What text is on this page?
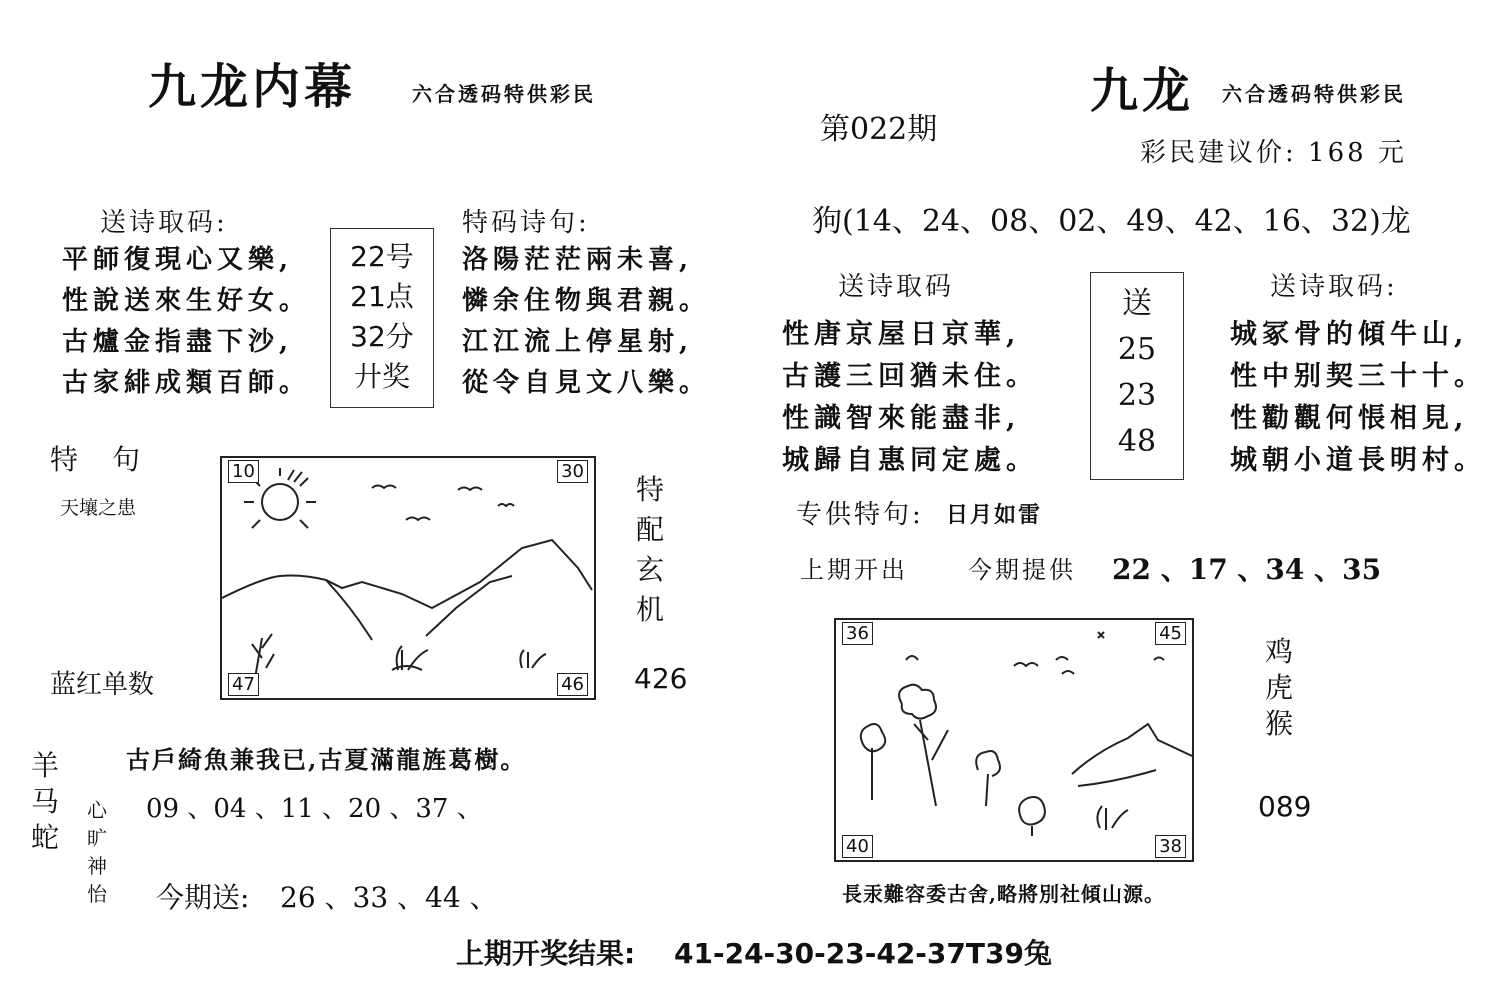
九龙内幕	六合透码特供彩民
送诗取码:
平師復現心又樂,
性說送來生好女。
古爐金指盡下沙,
古家緋成類百師。
22号
21点
32分
廾奖
特码诗句:
洛陽茫茫兩未喜,
憐余住物與君親。
江江流上停星射,
從令自見文八樂。
特　句
天壤之患
蓝红单数
10	30
47	46
特配玄机
426
羊马蛇
心旷神怡
古戶綺魚兼我已,古夏滿龍旌葛樹。
09 、04 、11 、20 、37 、
今期送: 26 、33 、44 、
第022期
九龙 六合透码特供彩民
彩民建议价: 168 元
狗(14、24、08、02、49、42、16、32)龙
送诗取码
性唐京屋日京華,
古護三回猶未住。
性識智來能盡非,
城歸自惠同定處。
送
25
23
48
送诗取码:
城冢骨的傾牛山,
性中别契三十十。
性勸觀何悵相見,
城朝小道長明村。
专供特句: 日月如雷
上期开出	今期提供 22 、17 、34 、35
36	45
40	38
鸡虎猴
089
長汞難容委古舍,略將別社傾山源。
上期开奖结果: 41-24-30-23-42-37T39兔
